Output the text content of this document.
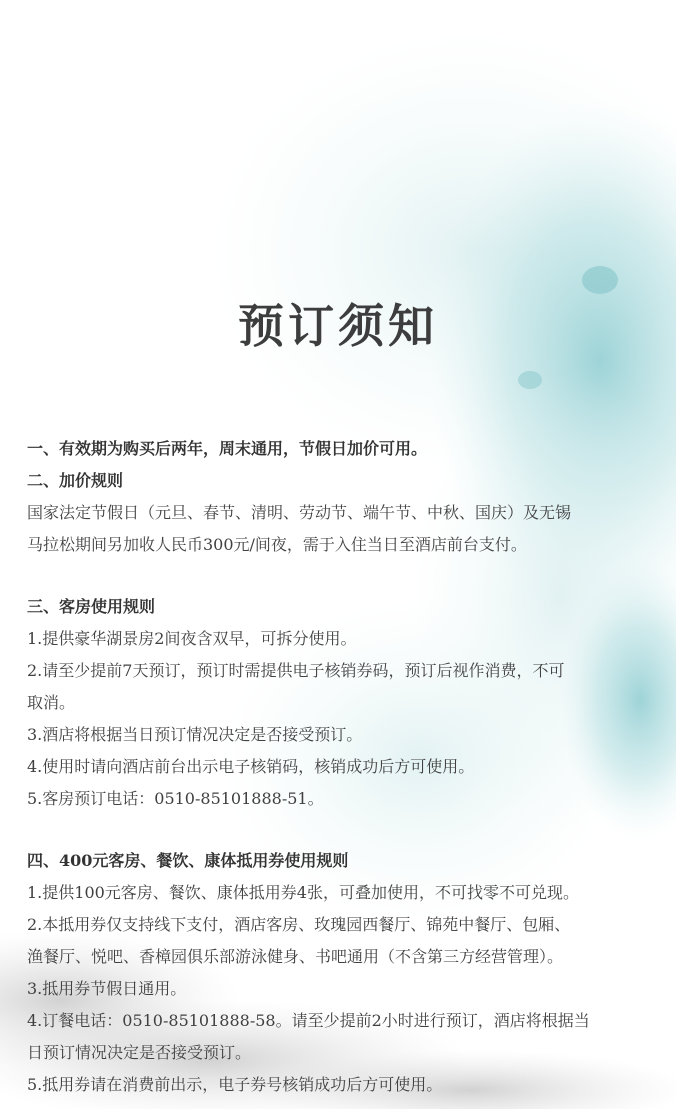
预订须知
一、有效期为购买后两年，周末通用，节假日加价可用。
二、加价规则
国家法定节假日（元旦、春节、清明、劳动节、端午节、中秋、国庆）及无锡
马拉松期间另加收人民币300元/间夜，需于入住当日至酒店前台支付。
三、客房使用规则
1.提供豪华湖景房2间夜含双早，可拆分使用。
2.请至少提前7天预订，预订时需提供电子核销券码，预订后视作消费，不可
取消。
3.酒店将根据当日预订情况决定是否接受预订。
4.使用时请向酒店前台出示电子核销码，核销成功后方可使用。
5.客房预订电话：0510-85101888-51。
四、400元客房、餐饮、康体抵用券使用规则
1.提供100元客房、餐饮、康体抵用券4张，可叠加使用，不可找零不可兑现。
2.本抵用券仅支持线下支付，酒店客房、玫瑰园西餐厅、锦苑中餐厅、包厢、
渔餐厅、悦吧、香樟园俱乐部游泳健身、书吧通用（不含第三方经营管理）。
3.抵用券节假日通用。
4.订餐电话：0510-85101888-58。请至少提前2小时进行预订，酒店将根据当
日预订情况决定是否接受预订。
5.抵用券请在消费前出示，电子券号核销成功后方可使用。
